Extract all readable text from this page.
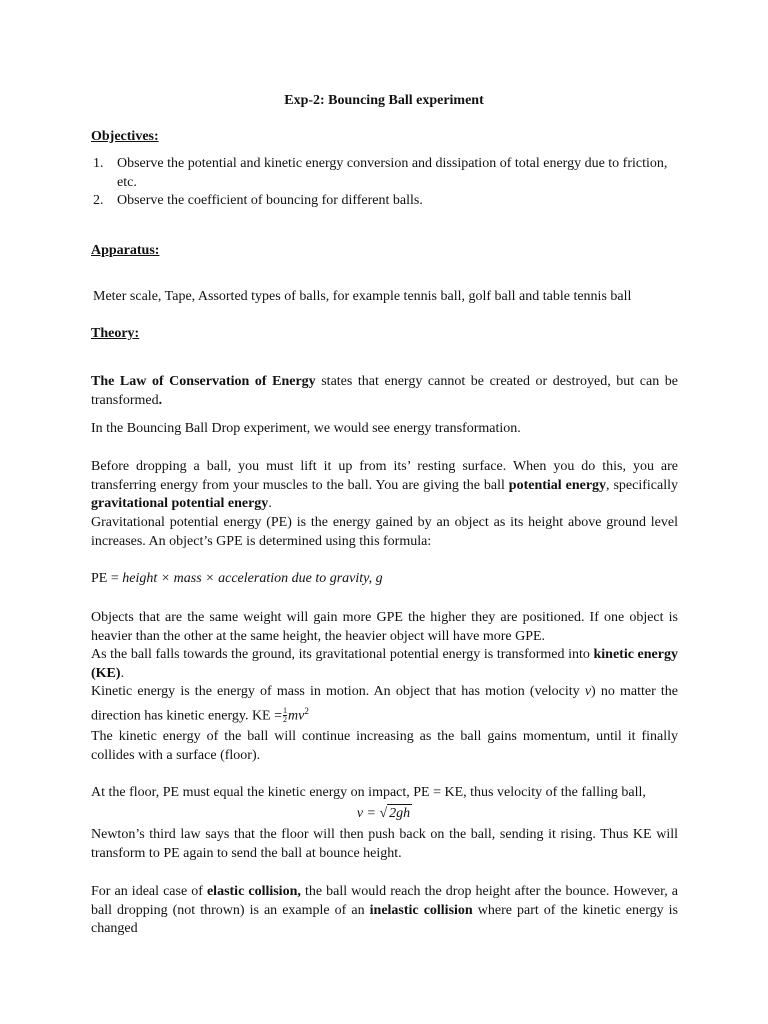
Exp-2: Bouncing Ball experiment
Objectives:
1. Observe the potential and kinetic energy conversion and dissipation of total energy due to friction, etc.
2. Observe the coefficient of bouncing for different balls.
Apparatus:
Meter scale, Tape, Assorted types of balls, for example tennis ball, golf ball and table tennis ball
Theory:
The Law of Conservation of Energy states that energy cannot be created or destroyed, but can be transformed.
In the Bouncing Ball Drop experiment, we would see energy transformation.
Before dropping a ball, you must lift it up from its’ resting surface. When you do this, you are transferring energy from your muscles to the ball. You are giving the ball potential energy, specifically gravitational potential energy.
Gravitational potential energy (PE) is the energy gained by an object as its height above ground level increases. An object’s GPE is determined using this formula:
PE = height × mass × acceleration due to gravity, g
Objects that are the same weight will gain more GPE the higher they are positioned. If one object is heavier than the other at the same height, the heavier object will have more GPE.
As the ball falls towards the ground, its gravitational potential energy is transformed into kinetic energy (KE).
Kinetic energy is the energy of mass in motion. An object that has motion (velocity v) no matter the direction has kinetic energy. KE = $\frac{1}{2} mv^2$
The kinetic energy of the ball will continue increasing as the ball gains momentum, until it finally collides with a surface (floor).
At the floor, PE must equal the kinetic energy on impact, PE = KE, thus velocity of the falling ball,
v = √ 2gh
Newton’s third law says that the floor will then push back on the ball, sending it rising. Thus KE will transform to PE again to send the ball at bounce height.
For an ideal case of elastic collision, the ball would reach the drop height after the bounce. However, a ball dropping (not thrown) is an example of an inelastic collision where part of the kinetic energy is changed
